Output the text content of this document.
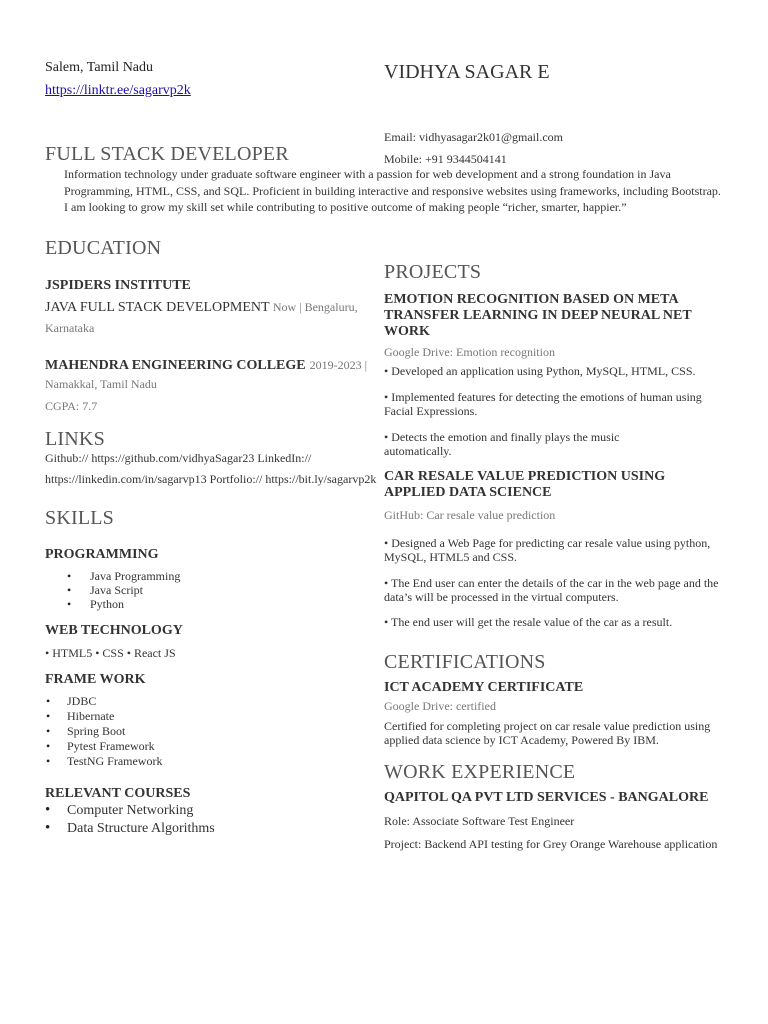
Salem, Tamil Nadu
https://linktr.ee/sagarvp2k
VIDHYA SAGAR E
Email: vidhyasagar2k01@gmail.com
Mobile: +91 9344504141
FULL STACK DEVELOPER
Information technology under graduate software engineer with a passion for web development and a strong foundation in Java Programming, HTML, CSS, and SQL. Proficient in building interactive and responsive websites using frameworks, including Bootstrap. I am looking to grow my skill set while contributing to positive outcome of making people “richer, smarter, happier.”
EDUCATION
JSPIDERS INSTITUTE
JAVA FULL STACK DEVELOPMENT Now | Bengaluru,
Karnataka
MAHENDRA ENGINEERING COLLEGE 2019-2023 |
Namakkal, Tamil Nadu
CGPA: 7.7
LINKS
Github:// https://github.com/vidhyaSagar23 LinkedIn://
https://linkedin.com/in/sagarvp13 Portfolio:// https://bit.ly/sagarvp2k
SKILLS
PROGRAMMING
• Java Programming
• Java Script
• Python
WEB TECHNOLOGY
• HTML5 • CSS • React JS
FRAME WORK
• JDBC
• Hibernate
• Spring Boot
• Pytest Framework
• TestNG Framework
RELEVANT COURSES
• Computer Networking
• Data Structure Algorithms
PROJECTS
EMOTION RECOGNITION BASED ON META
TRANSFER LEARNING IN DEEP NEURAL NET
WORK
Google Drive: Emotion recognition
• Developed an application using Python, MySQL, HTML, CSS.
• Implemented features for detecting the emotions of human using
Facial Expressions.
• Detects the emotion and finally plays the music
automatically.
CAR RESALE VALUE PREDICTION USING
APPLIED DATA SCIENCE
GitHub: Car resale value prediction
• Designed a Web Page for predicting car resale value using python,
MySQL, HTML5 and CSS.
• The End user can enter the details of the car in the web page and the
data’s will be processed in the virtual computers.
• The end user will get the resale value of the car as a result.
CERTIFICATIONS
ICT ACADEMY CERTIFICATE
Google Drive: certified
Certified for completing project on car resale value prediction using
applied data science by ICT Academy, Powered By IBM.
WORK EXPERIENCE
QAPITOL QA PVT LTD SERVICES - BANGALORE
Role: Associate Software Test Engineer
Project: Backend API testing for Grey Orange Warehouse application
